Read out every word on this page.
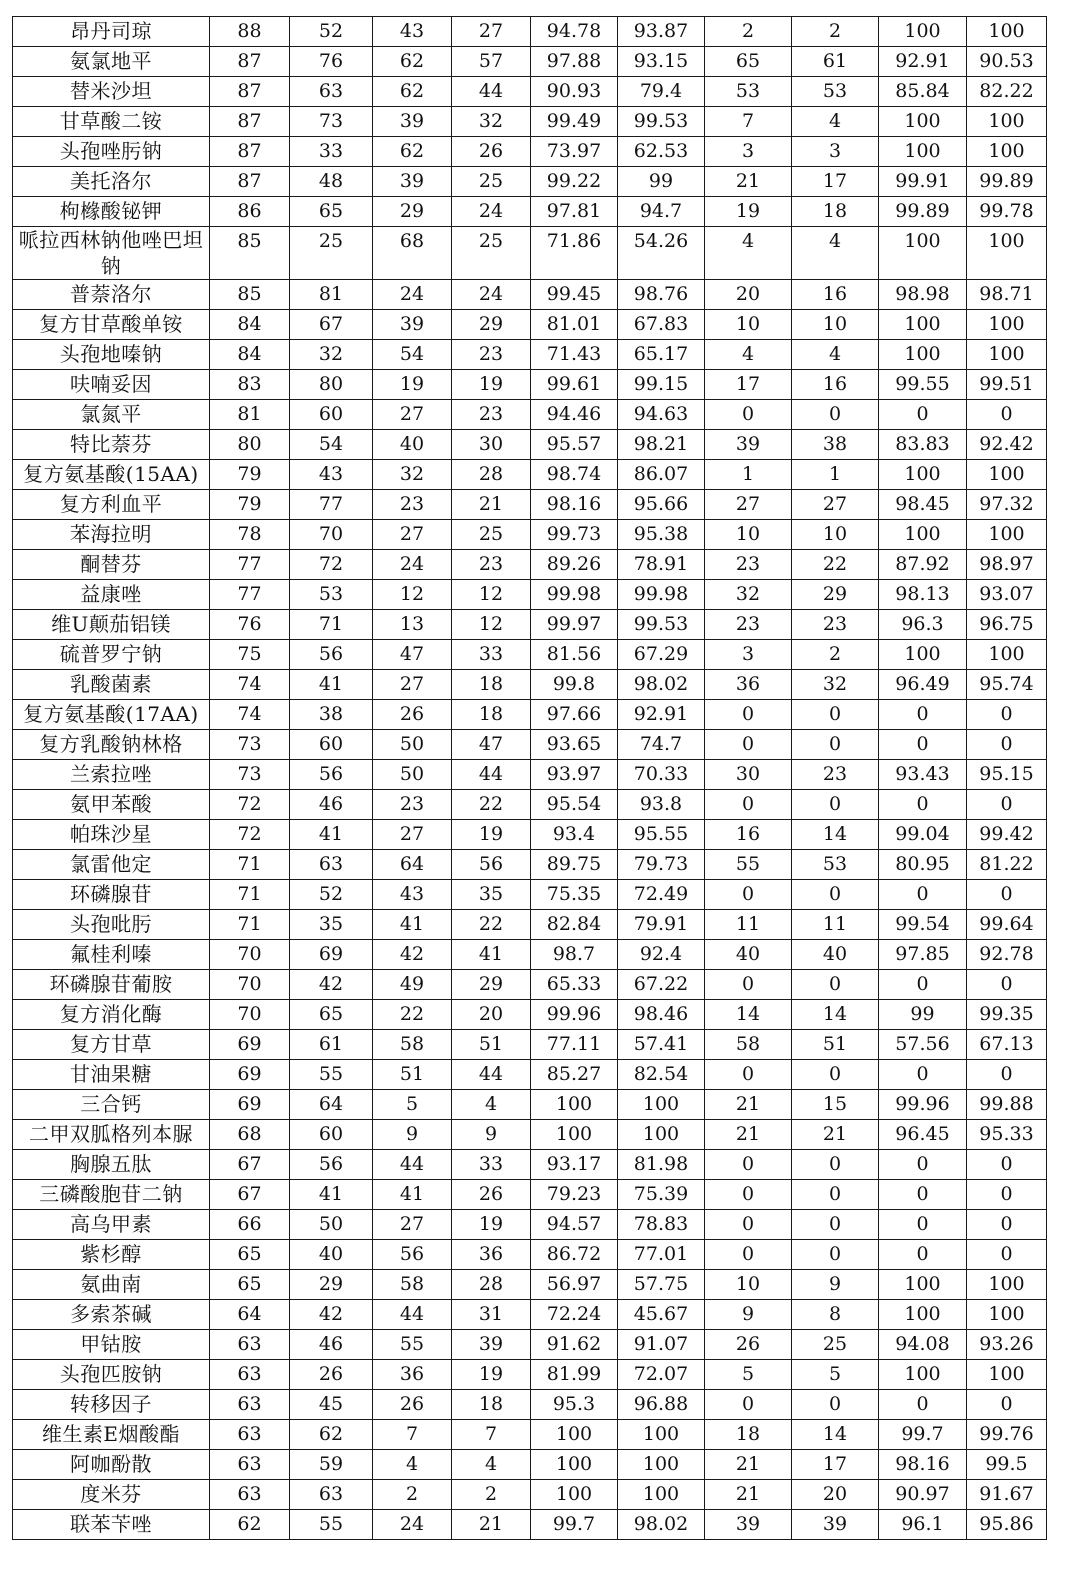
昂丹司琼	88	52	43	27	94.78	93.87	2	2	100	100
氨氯地平	87	76	62	57	97.88	93.15	65	61	92.91	90.53
替米沙坦	87	63	62	44	90.93	79.4	53	53	85.84	82.22
甘草酸二铵	87	73	39	32	99.49	99.53	7	4	100	100
头孢唑肟钠	87	33	62	26	73.97	62.53	3	3	100	100
美托洛尔	87	48	39	25	99.22	99	21	17	99.91	99.89
枸橼酸铋钾	86	65	29	24	97.81	94.7	19	18	99.89	99.78
哌拉西林钠他唑巴坦钠	85	25	68	25	71.86	54.26	4	4	100	100
普萘洛尔	85	81	24	24	99.45	98.76	20	16	98.98	98.71
复方甘草酸单铵	84	67	39	29	81.01	67.83	10	10	100	100
头孢地嗪钠	84	32	54	23	71.43	65.17	4	4	100	100
呋喃妥因	83	80	19	19	99.61	99.15	17	16	99.55	99.51
氯氮平	81	60	27	23	94.46	94.63	0	0	0	0
特比萘芬	80	54	40	30	95.57	98.21	39	38	83.83	92.42
复方氨基酸(15AA)	79	43	32	28	98.74	86.07	1	1	100	100
复方利血平	79	77	23	21	98.16	95.66	27	27	98.45	97.32
苯海拉明	78	70	27	25	99.73	95.38	10	10	100	100
酮替芬	77	72	24	23	89.26	78.91	23	22	87.92	98.97
益康唑	77	53	12	12	99.98	99.98	32	29	98.13	93.07
维U颠茄铝镁	76	71	13	12	99.97	99.53	23	23	96.3	96.75
硫普罗宁钠	75	56	47	33	81.56	67.29	3	2	100	100
乳酸菌素	74	41	27	18	99.8	98.02	36	32	96.49	95.74
复方氨基酸(17AA)	74	38	26	18	97.66	92.91	0	0	0	0
复方乳酸钠林格	73	60	50	47	93.65	74.7	0	0	0	0
兰索拉唑	73	56	50	44	93.97	70.33	30	23	93.43	95.15
氨甲苯酸	72	46	23	22	95.54	93.8	0	0	0	0
帕珠沙星	72	41	27	19	93.4	95.55	16	14	99.04	99.42
氯雷他定	71	63	64	56	89.75	79.73	55	53	80.95	81.22
环磷腺苷	71	52	43	35	75.35	72.49	0	0	0	0
头孢吡肟	71	35	41	22	82.84	79.91	11	11	99.54	99.64
氟桂利嗪	70	69	42	41	98.7	92.4	40	40	97.85	92.78
环磷腺苷葡胺	70	42	49	29	65.33	67.22	0	0	0	0
复方消化酶	70	65	22	20	99.96	98.46	14	14	99	99.35
复方甘草	69	61	58	51	77.11	57.41	58	51	57.56	67.13
甘油果糖	69	55	51	44	85.27	82.54	0	0	0	0
三合钙	69	64	5	4	100	100	21	15	99.96	99.88
二甲双胍格列本脲	68	60	9	9	100	100	21	21	96.45	95.33
胸腺五肽	67	56	44	33	93.17	81.98	0	0	0	0
三磷酸胞苷二钠	67	41	41	26	79.23	75.39	0	0	0	0
高乌甲素	66	50	27	19	94.57	78.83	0	0	0	0
紫杉醇	65	40	56	36	86.72	77.01	0	0	0	0
氨曲南	65	29	58	28	56.97	57.75	10	9	100	100
多索茶碱	64	42	44	31	72.24	45.67	9	8	100	100
甲钴胺	63	46	55	39	91.62	91.07	26	25	94.08	93.26
头孢匹胺钠	63	26	36	19	81.99	72.07	5	5	100	100
转移因子	63	45	26	18	95.3	96.88	0	0	0	0
维生素E烟酸酯	63	62	7	7	100	100	18	14	99.7	99.76
阿咖酚散	63	59	4	4	100	100	21	17	98.16	99.5
度米芬	63	63	2	2	100	100	21	20	90.97	91.67
联苯苄唑	62	55	24	21	99.7	98.02	39	39	96.1	95.86
